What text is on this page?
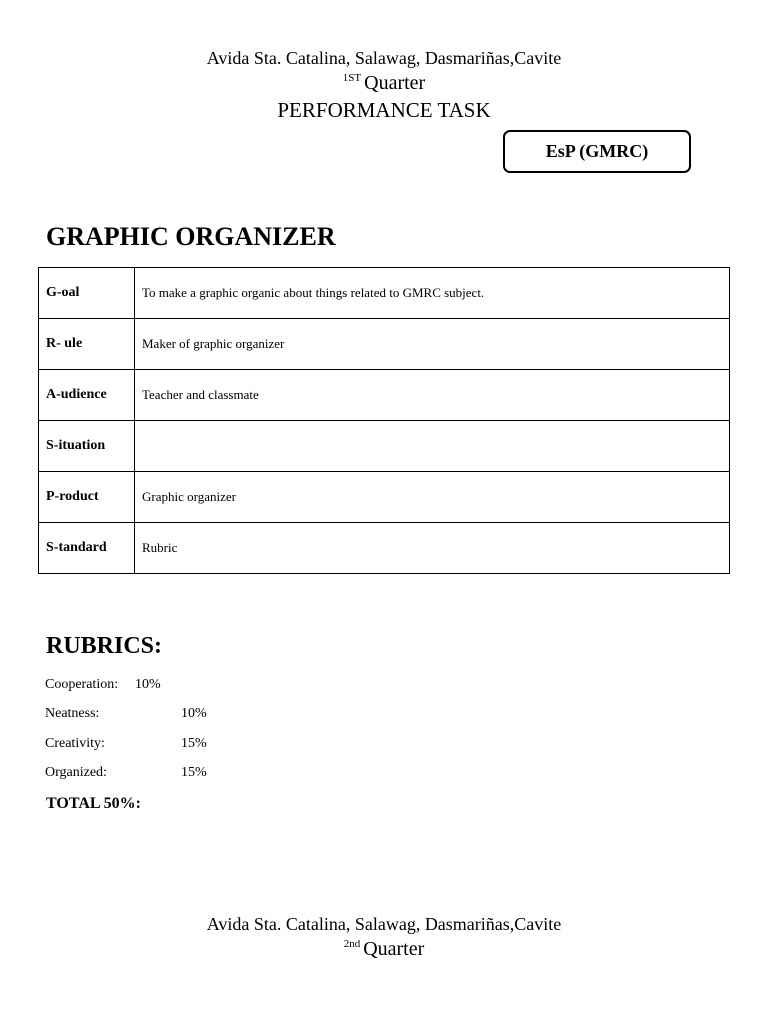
Avida Sta. Catalina, Salawag, Dasmariñas,Cavite
$^{1ST}$ Quarter
PERFORMANCE TASK
EsP (GMRC)
GRAPHIC ORGANIZER
G-oal	To make a graphic organic about things related to GMRC subject.
R- ule	Maker of graphic organizer
A-udience	Teacher and classmate
S-ituation	
P-roduct	Graphic organizer
S-tandard	Rubric
RUBRICS:
Cooperation: 10%
Neatness:	10%
Creativity:	15%
Organized:	15%
TOTAL 50%:
Avida Sta. Catalina, Salawag, Dasmariñas,Cavite
$^{2nd}$ Quarter
